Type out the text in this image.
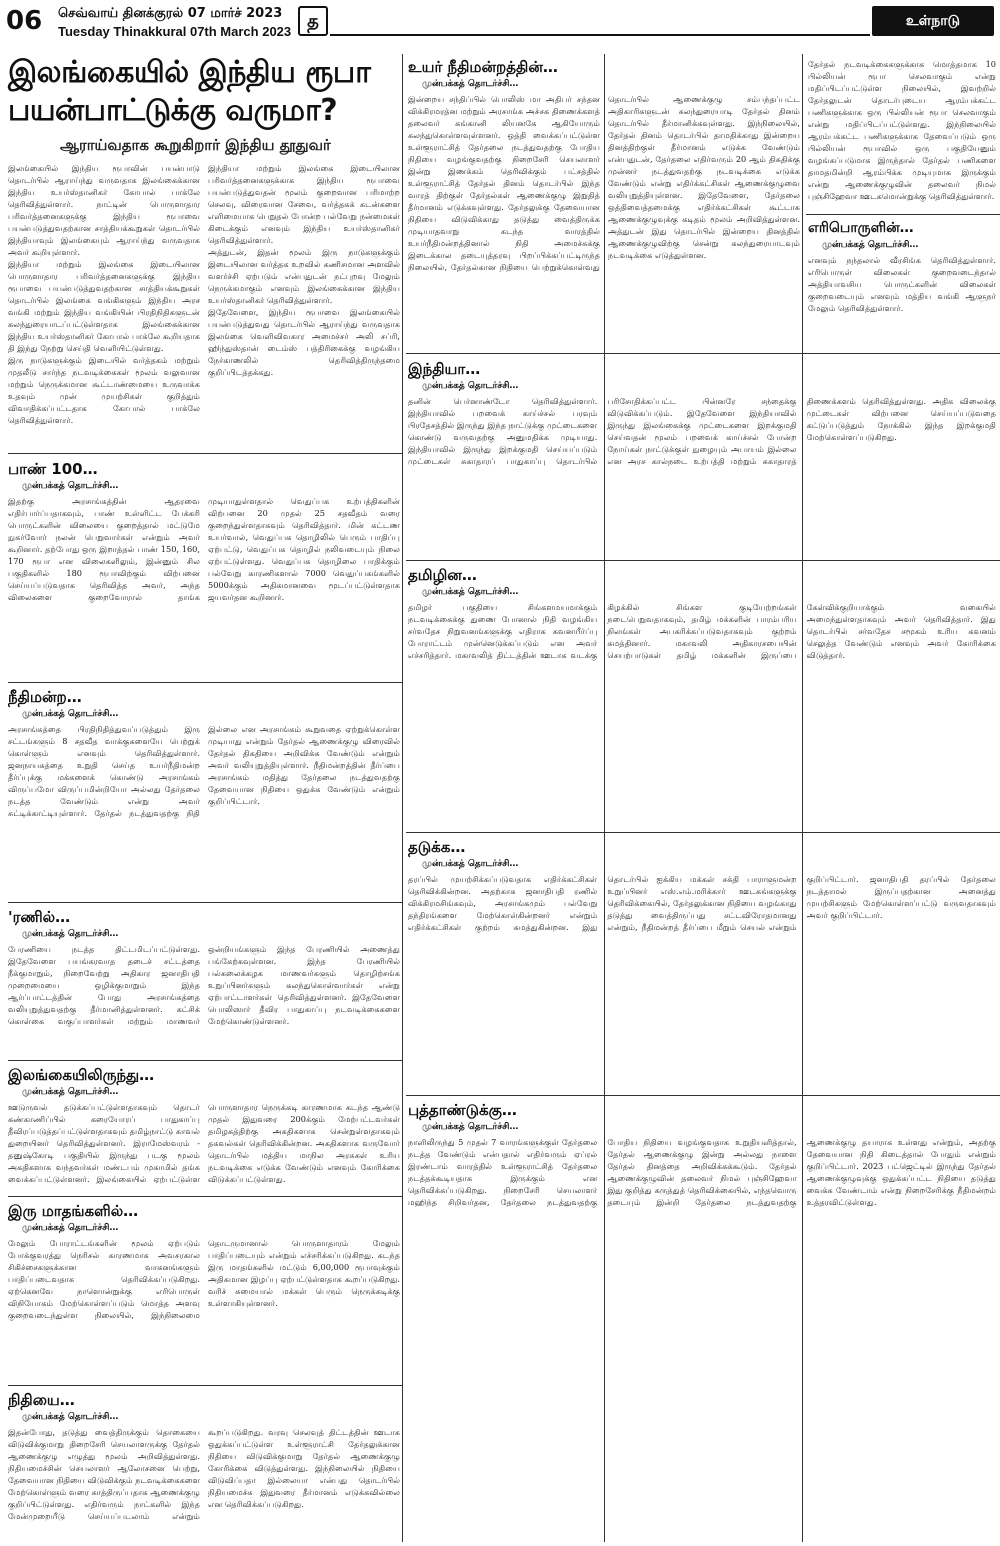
06 செவ்வாய் தினக்குரல் 07 மார்ச் 2023
Tuesday Thinakkural 07th March 2023
த	உள்நாடு
இலங்கையில் இந்திய ரூபா பயன்பாட்டுக்கு வருமா?
ஆராய்வதாக கூறுகிறார் இந்திய தூதுவர்

இலங்கையில் இந்திய ரூபாவின் பயன்பாடு தொடர்பில் ஆராய்ந்து வருவதாக இலங்கைக்கான இந்திய உயர்ஸ்தானிகர் கோபால் பாக்லே தெரிவித்துள்ளார். நாட்டின் பொருளாதார பரிவர்த்தனைகளுக்கு இந்திய ரூபாவை பயன்படுத்துவதற்கான சாத்தியக்கூறுகள் தொடர்பில் இந்தியாவும் இலங்கையும் ஆராய்ந்து வருவதாக அவர் கூறியுள்ளார்.

இந்தியா மற்றும் இலங்கை இடையிலான பொருளாதார பரிவர்த்தனைகளுக்கு இந்திய ரூபாவை பயன்படுத்துவதற்கான சாத்தியக்கூறுகள் தொடர்பில் இலங்கை வங்கிகளும் இந்திய அரச வங்கி மற்றும் இந்திய வங்கியின் பிரதிநிதிகளுடன் கலந்துரையாடப்பட்டுள்ளதாக இலங்கைக்கான இந்திய உயர்ஸ்தானிகர் கோபால் பாக்லே கூறியதாக தி இந்து நேற்று செய்தி வெளியிட்டுள்ளது.

இரு நாடுகளுக்கும் இடையில் வர்த்தகம் மற்றும் முதலீடு சார்ந்த நடவடிக்கைகள் மூலம் வலுவான மற்றும் நெருக்கமான கூட்டாண்மையை உருவாக்க உதவும் முன் முயற்சிகள் குறித்தும் விவாதிக்கப்பட்டதாக கோபால் பாக்லே தெரிவித்துள்ளார்.

இந்தியா மற்றும் இலங்கை இடையிலான பரிவர்த்தனைகளுக்காக இந்திய ரூபாவை பயன்படுத்துவதன் மூலம் குறைவான பரிமாற்ற செலவு, விரைவான சேவை, வர்த்தகக் கடன்களை எளிமையாக பெறுதல் போன்ற பல்வேறு நன்மைகள் கிடைக்கும் எனவும் இந்திய உயர்ஸ்தானிகர் தெரிவித்துள்ளார்.

அத்துடன், இதன் மூலம் இரு நாடுகளுக்கும் இடையிலான வர்த்தக உறவில் கணிசமான அளவில் வளர்ச்சி ஏற்படும் என்பதுடன் நட்புறவு மேலும் நெருக்கமாகும் எனவும் இலங்கைக்கான இந்திய உயர்ஸ்தானிகர் தெரிவித்துள்ளார்.

இதேவேளை, இந்திய ரூபாவை இலங்கையில் பயன்படுத்துவது தொடர்பில் ஆராய்ந்து வருவதாக இலங்கை வெளிவிவகார அமைச்சர் அலி சப்ரி, ஹிந்துஸ்தான் டைம்ஸ் பத்திரிகைக்கு வழங்கிய நேர்காணலில் தெரிவித்திருந்தமை குறிப்பிடத்தக்கது.

பாண் 100…
முன்பக்கத் தொடர்ச்சி…

இதற்கு அரசாங்கத்தின் ஆதரவை எதிர்பார்ப்பதாகவும், பாண் உள்ளிட்ட பேக்கரி பொருட்களின் விலையை குறைத்தால் மட்டுமே நுகர்வோர் நலன் பெறுவார்கள் என்றும் அவர் கூறினார். தற்போது ஒரு இறாத்தல் பாண் 150, 160, 170 ரூபா என விலைகளிலும், இன்னும் சில பகுதிகளில் 180 ரூபாவிற்கும் விற்பனை செய்யப்படுவதாக தெரிவித்த அவர், அந்த விலைகளை குறைவோரால் தாங்க முடியாதுள்ளதால் வெதுப்பக உற்பத்திகளின் விற்பனை 20 முதல் 25 சதவீதம் வரை குறைந்துள்ளதாகவும் தெரிவித்தார். மின் கட்டண உயர்வால், வெதுப்பக தொழிலில் பெரும் பாதிப்பு ஏற்பட்டு, வெதுப்பக தொழில் நலிவடையும் நிலை ஏற்பட்டுள்ளது. வெதுப்பக தொழிலை பாதிக்கும் பல்வேறு காரணிகளால் 7000 வெதுப்பகங்களில் 5000க்கும் அதிகமானவை மூடப்பட்டுள்ளதாக ஜயவர்தன கூறினார்.

நீதிமன்ற…
முன்பக்கத் தொடர்ச்சி…

அரசாங்கத்தை பிரதிநிதித்துவப்படுத்தும் இரு சட்டங்களும் 8 சதவீத வாக்குகளையே பெற்றுக் கொள்ளும் எனவும் தெரிவித்துள்ளார். ஜனநாயகத்தை உறுதி செய்த உயர்நீதிமன்ற தீர்ப்புக்கு மக்களைக் கொண்டு அரசாங்கம் விருப்பமோ விருப்பமின்றியோ அல்லது தேர்தலை நடத்த வேண்டும் என்று அவர் சுட்டிக்காட்டியுள்ளார். தேர்தல் நடத்துவதற்கு நிதி இல்லை என அரசாங்கம் கூறுவதை ஏற்றுக்கொள்ள முடியாது என்றும் தேர்தல் ஆணைக்குழு விரைவில் தேர்தல் திகதியை அறிவிக்க வேண்டும் என்றும் அவர் வலியுறுத்தியுள்ளார். நீதிமன்றத்தின் தீர்ப்பை அரசாங்கம் மதித்து தேர்தலை நடத்துவதற்கு தேவையான நிதியை ஒதுக்க வேண்டும் என்றும் குறிப்பிட்டார்.

'ரணில்…
முன்பக்கத் தொடர்ச்சி…

பேரணியை நடத்த திட்டமிடப்பட்டுள்ளது. இதேவேளை பயங்கரவாத தடைச் சட்டத்தை நீக்குமாறும், நிறைவேற்று அதிகார ஜனாதிபதி முறைமையை ஒழிக்குமாறும் இந்த ஆர்ப்பாட்டத்தின் போது அரசாங்கத்தை வலியுறுத்துவதற்கு தீர்மானித்துள்ளனர். கட்சிக் கொள்கை வகுப்பாளர்கள் மற்றும் மாணவர் ஒன்றியங்களும் இந்த பேரணியில் அணைத்து பங்கேற்கவுள்ளன. இந்த பேரணியில் பல்கலைக்கழக மாணவர்களும் தொழிற்சங்க உறுப்பினர்களும் கலந்துகொள்வார்கள் என்று ஏற்பாட்டாளர்கள் தெரிவித்துள்ளனர். இதேவேளை பொலிஸார் தீவிர பாதுகாப்பு நடவடிக்கைகளை மேற்கொண்டுள்ளனர்.

இலங்கையிலிருந்து…
முன்பக்கத் தொடர்ச்சி…

ஊடுருவல் தடுக்கப்பட்டுள்ளதாகவும் தொடர் கண்காணிப்பில் கரையோரப் பாதுகாப்பு தீவிரப்படுத்தப்பட்டுள்ளதாகவும் தமிழ்நாட்டு காவல் துறையினர் தெரிவித்துள்ளனர். இராமேஸ்வரம் - தனுஷ்கோடி பகுதியில் இருந்து படகு மூலம் அகதிகளாக வந்தவர்கள் மண்டபம் முகாமில் தங்க வைக்கப்பட்டுள்ளனர். இலங்கையில் ஏற்பட்டுள்ள பொருளாதார நெருக்கடி காரணமாக கடந்த ஆண்டு முதல் இதுவரை 200க்கும் மேற்பட்டவர்கள் தமிழகத்திற்கு அகதிகளாக சென்றுள்ளதாகவும் தகவல்கள் தெரிவிக்கின்றன. அகதிகளாக வருவோர் தொடர்பில் மத்திய மாநில அரசுகள் உரிய நடவடிக்கை எடுக்க வேண்டும் எனவும் கோரிக்கை விடுக்கப்பட்டுள்ளது.

இரு மாதங்களில்…
முன்பக்கத் தொடர்ச்சி…

மேலும் போராட்டங்களின் மூலம் ஏற்படும் போக்குவரத்து நெரிசல் காரணமாக அவசரகால சிகிச்சைகளுக்கான வாகனங்களும் பாதிப்படைவதாக தெரிவிக்கப்படுகிறது. ஏற்கெனவே நாளொன்றுக்கு எரிபொருள் விநியோகம் மேற்கொள்ளப்படும் மொத்த அளவு குறைவடைந்துள்ள நிலையில், இந்நிலைமை தொடருமானால் பொருளாதாரம் மேலும் பாதிப்படையும் என்றும் எச்சரிக்கப்படுகிறது. கடந்த இரு மாதங்களில் மட்டும் 6,00,000 ரூபாவுக்கும் அதிகமான இழப்பு ஏற்பட்டுள்ளதாக கூறப்படுகிறது. வரிச் சுமையால் மக்கள் பெரும் நெருக்கடிக்கு உள்ளாகியுள்ளனர்.

நிதியை…
முன்பக்கத் தொடர்ச்சி…

இதன்போது, தடுத்து வைத்திருக்கும் தொகையை விடுவிக்குமாறு திறைசேரி செயலாளருக்கு தேர்தல் ஆணைக்குழு எழுத்து மூலம் அறிவித்துள்ளது. நிதியமைச்சின் செயலாளர் ஆலோசனை பெற்று, தேவையான நிதியை விடுவிக்கும் நடவடிக்கைகளை மேற்கொள்ளும் வரை காத்திருப்பதாக ஆணைக்குழு குறிப்பிட்டுள்ளது. எதிர்வரும் நாட்களில் இந்த மேன்முறையீடு செய்யப்படலாம் என்றும் கூறப்படுகிறது. வரவு செலவுத் திட்டத்தின் ஊடாக ஒதுக்கப்பட்டுள்ள உள்ளூராட்சி தேர்தலுக்கான நிதியை விடுவிக்குமாறு தேர்தல் ஆணைக்குழு கோரிக்கை விடுத்துள்ளது. இந்நிலையில் நிதியை விடுவிப்பதா இல்லையா என்பது தொடர்பில் நிதியமைச்சு இதுவரை தீர்மானம் எடுக்கவில்லை என தெரிவிக்கப்படுகிறது.

உயர் நீதிமன்றத்தின்…
முன்பக்கத் தொடர்ச்சி…

இன்றைய சந்திப்பில் பொலிஸ் மா அதிபர் சந்தன விக்கிரமரத்ன மற்றும் அரசாங்க அச்சக திணைக்களத் தலைவர் கங்கானி லியனகே ஆகியோரும் கலந்துகொள்ளவுள்ளனர். ஒத்தி வைக்கப்பட்டுள்ள உள்ளூராட்சித் தேர்தலை நடத்துவதற்கு போதிய நிதியை வழங்குவதற்கு நிறைசேரி செயலாளர் இன்று இணக்கம் தெரிவிக்கும் பட்சத்தில் உள்ளூராட்சித் தேர்தல் தினம் தொடர்பில் இந்த வாரத் திற்குள் தேர்தல்கள் ஆணைக்குழு இறுதித் தீர்மானம் எடுக்கவுள்ளது. தேர்தலுக்கு தேவையான நிதியை விடுவிக்காது தடுத்து வைத்திருக்க முடியாதவாறு கடந்த வாரத்தில் உயர்நீதிமன்றத்தினால் நிதி அமைச்சுக்கு இடைக்கால தடையுத்தரவு பிறப்பிக்கப்பட்டிருந்த நிலையில், தேர்தல்கான நிதியை பெற்றுக்கொள்வது தொடர்பில் ஆணைக்குழு சம்பந்தப்பட்ட அதிகாரிகளுடன் கலந்துரையாடி தேர்தல் தினம் தொடர்பில் தீர்மானிக்கவுள்ளது. இந்நிலையில், தேர்தல் தினம் தொடர்பில் தாமதிக்காது இன்றைய தினத்திற்குள் தீர்மானம் எடுக்க வேண்டும் என்பதுடன், தேர்தலை எதிர்வரும் 20 ஆம் திகதிக்கு முன்னர் நடத்துவதற்கு நடவடிக்கை எடுக்க வேண்டும் என்று எதிர்க்கட்சிகள் ஆணைக்குழுவை வலியுறுத்தியுள்ளன. இதேவேளை, தேர்தலை ஒத்திவைத்தமைக்கு எதிர்க்கட்சிகள் கூட்டாக ஆணைக்குழுவுக்கு கடிதம் மூலம் அறிவித்துள்ளன. அத்துடன் இது தொடர்பில் இன்றைய தினத்தில் ஆணைக்குழுவிற்கு சென்று கலந்துரையாடவும் நடவடிக்கை எடுத்துள்ளன.

தேர்தல் நடவடிக்கைகளுக்காக மொத்தமாக 10 பில்லியன் ரூபா செலவாகும் என்று மதிப்பிடப்பட்டுள்ள நிலையில், இவற்றில் தேர்தலுடன் தொடர்புடைய ஆரம்பக்கட்ட பணிகளுக்காக ஒரு பில்லியன் ரூபா செலவாகும் என்று மதிப்பிடப்பட்டுள்ளது. இந்நிலையில் ஆரம்பக்கட்ட பணிகளுக்காக தேவைப்படும் ஒரு பில்லியன் ரூபாவில் ஒரு பகுதியேனும் வழங்கப்படுமாக இருந்தால் தேர்தல் பணிகளை தாமதமின்றி ஆரம்பிக்க முடியுமாக இருக்கும் என்று ஆணைக்குழுவின் தலைவர் நிமல் புஞ்சிஹேவா ஊடகமொன்றுக்கு தெரிவித்துள்ளார்.

எரிபொருளின்…
முன்பக்கத் தொடர்ச்சி…

எனவும் நந்தலால் வீரசிங்க தெரிவித்துள்ளார். எரிபொருள் விலைகள் குறைவடைந்தால் அத்தியாவசிய பொருட்களின் விலைகள் குறைவடையும் எனவும் மத்திய வங்கி ஆளுநர் மேலும் தெரிவித்துள்ளார்.

இந்தியா…
முன்பக்கத் தொடர்ச்சி…

தனின் பெர்னாண்டோ தெரிவித்துள்ளார். இந்தியாவில் பறவைக் காய்ச்சல் பரவும் பிரதேசத்தில் இருந்து இந்த நாட்டுக்கு முட்டைகளை கொண்டு வருவதற்கு அனுமதிக்க முடியாது. இந்தியாவில் இருந்து இறக்குமதி செய்யப்படும் முட்டைகள் சுகாதாரப் பாதுகாப்பு தொடர்பில் பரிசோதிக்கப்பட்ட பின்னரே சந்தைக்கு விடுவிக்கப்படும். இதேவேளை இந்தியாவில் இருந்து இலங்கைக்கு முட்டைகளை இறக்குமதி செய்வதன் மூலம் பறவைக் காய்ச்சல் போன்ற நோய்கள் நாட்டுக்குள் நுழையும் அபாயம் இல்லை என அரச கால்நடை உற்பத்தி மற்றும் சுகாதாரத் திணைக்களம் தெரிவித்துள்ளது. அதிக விலைக்கு முட்டைகள் விற்பனை செய்யப்படுவதை கட்டுப்படுத்தும் நோக்கில் இந்த இறக்குமதி மேற்கொள்ளப்படுகிறது.

தமிழின…
முன்பக்கத் தொடர்ச்சி…

தமிழர் பகுதியை சிங்களமயமாக்கும் நடவடிக்கைக்கு துணை போனால் நிதி வழங்கிய சர்வதேச நிறுவனங்களுக்கு எதிராக கவனயீர்ப்பு போராட்டம் முன்னெடுக்கப்படும் என அவர் எச்சரித்தார். மகாவலித் திட்டத்தின் ஊடாக வடக்கு கிழக்கில் சிங்கள குடியேற்றங்கள் நடைபெறுவதாகவும், தமிழ் மக்களின் பாரம்பரிய நிலங்கள் அபகரிக்கப்படுவதாகவும் குற்றம் சுமத்தினார். மகாவலி அதிகாரசபையின் செயற்பாடுகள் தமிழ் மக்களின் இருப்பை கேள்விக்குறியாக்கும் வகையில் அமைந்துள்ளதாகவும் அவர் தெரிவித்தார். இது தொடர்பில் சர்வதேச சமூகம் உரிய கவனம் செலுத்த வேண்டும் எனவும் அவர் கோரிக்கை விடுத்தார்.

தடுக்க…
முன்பக்கத் தொடர்ச்சி…

தரப்பில் முயற்சிக்கப்படுவதாக எதிர்க்கட்சிகள் தெரிவிக்கின்றன. அதற்காக ஜனாதிபதி ரணில் விக்கிரமசிங்கவும், அரசாங்கமும் பல்வேறு தந்திரங்களை மேற்கொள்கின்றனர் என்றும் எதிர்க்கட்சிகள் குற்றம் சுமத்துகின்றன. இது தொடர்பில் ஐக்கிய மக்கள் சக்தி பாராளுமன்ற உறுப்பினர் எஸ்.எம்.மரிக்கார் ஊடகங்களுக்கு தெரிவிக்கையில், தேர்தலுக்கான நிதியை வழங்காது தடுத்து வைத்திருப்பது சட்டவிரோதமானது என்றும், நீதிமன்றத் தீர்ப்பை மீறும் செயல் என்றும் குறிப்பிட்டார். ஜனாதிபதி தரப்பில் தேர்தலை நடத்தாமல் இருப்பதற்கான அனைத்து முயற்சிகளும் மேற்கொள்ளப்பட்டு வருவதாகவும் அவர் குறிப்பிட்டார்.

புத்தாண்டுக்கு…
முன்பக்கத் தொடர்ச்சி…

நாளிலிருந்து 5 முதல் 7 வாரங்களுக்குள் தேர்தலை நடத்த வேண்டும் என்பதால் எதிர்வரும் ஏப்ரல் இரண்டாம் வாரத்தில் உள்ளூராட்சித் தேர்தலை நடத்தக்கூடியதாக இருக்கும் என தெரிவிக்கப்படுகிறது. நிறைசேரி செயலாளர் மஹிந்த சிறிவர்தன, தேர்தலை நடத்துவதற்கு போதிய நிதியை வழங்குவதாக உறுதியளித்தால், தேர்தல் ஆணைக்குழு இன்று அல்லது நாளை தேர்தல் தினத்தை அறிவிக்கக்கூடும். தேர்தல் ஆணைக்குழுவின் தலைவர் நிமல் புஞ்சிஹேவா இது குறித்து கருத்துத் தெரிவிக்கையில், எந்தவொரு தடையும் இன்றி தேர்தலை நடத்துவதற்கு ஆணைக்குழு தயாராக உள்ளது என்றும், அதற்கு தேவையான நிதி கிடைத்தால் போதும் என்றும் குறிப்பிட்டார். 2023 பட்ஜெட்டில் இருந்து தேர்தல் ஆணைக்குழுவுக்கு ஒதுக்கப்பட்ட நிதியை தடுத்து வைக்க வேண்டாம் என்று நிறைசேரிக்கு நீதிமன்றம் உத்தரவிட்டுள்ளது.
